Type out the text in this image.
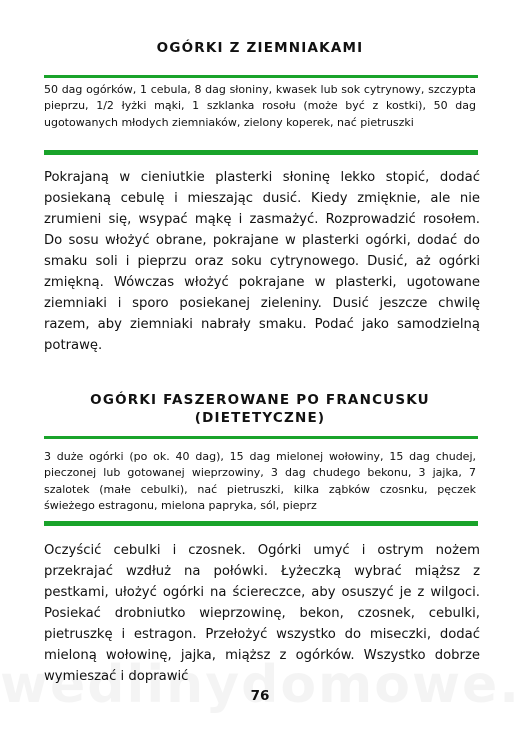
OGÓRKI Z ZIEMNIAKAMI
50 dag ogórków, 1 cebula, 8 dag słoniny, kwasek lub sok cytrynowy, szczypta pieprzu, 1/2 łyżki mąki, 1 szklanka rosołu (może być z kostki), 50 dag ugotowanych młodych ziemniaków, zielony koperek, nać pietruszki

Pokrajaną w cieniutkie plasterki słoninę lekko stopić, dodać posiekaną cebulę i mieszając dusić. Kiedy zmięknie, ale nie zrumieni się, wsypać mąkę i zasmażyć. Rozprowadzić rosołem. Do sosu włożyć obrane, pokrajane w plasterki ogórki, dodać do smaku soli i pieprzu oraz soku cytrynowego. Dusić, aż ogórki zmiękną. Wówczas włożyć pokrajane w plasterki, ugotowane ziemniaki i sporo posiekanej zieleniny. Dusić jeszcze chwilę razem, aby ziemniaki nabrały smaku. Podać jako samodzielną potrawę.

OGÓRKI FASZEROWANE PO FRANCUSKU
(DIETETYCZNE)
3 duże ogórki (po ok. 40 dag), 15 dag mielonej wołowiny, 15 dag chudej, pieczonej lub gotowanej wieprzowiny, 3 dag chudego bekonu, 3 jajka, 7 szalotek (małe cebulki), nać pietruszki, kilka ząbków czosnku, pęczek świeżego estragonu, mielona papryka, sól, pieprz

Oczyścić cebulki i czosnek. Ogórki umyć i ostrym nożem przekrajać wzdłuż na połówki. Łyżeczką wybrać miąższ z pestkami, ułożyć ogórki na ściereczce, aby osuszyć je z wilgoci. Posiekać drobniutko wieprzowinę, bekon, czosnek, cebulki, pietruszkę i estragon. Przełożyć wszystko do miseczki, dodać mieloną wołowinę, jajka, miąższ z ogórków. Wszystko dobrze wymieszać i doprawić

76
